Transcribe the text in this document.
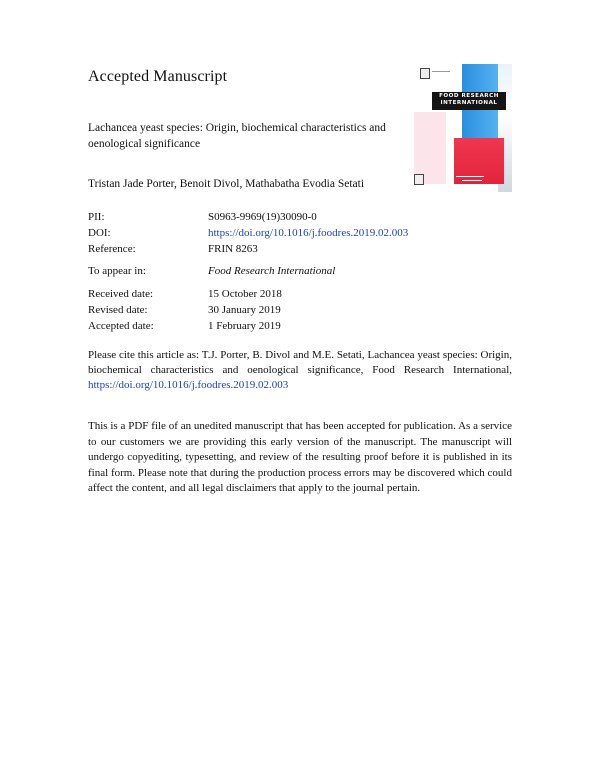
Accepted Manuscript
Lachancea yeast species: Origin, biochemical characteristics and oenological significance
Tristan Jade Porter, Benoit Divol, Mathabatha Evodia Setati
FOOD RESEARCH
INTERNATIONAL
PII:	S0963-9969(19)30090-0
DOI:	https://doi.org/10.1016/j.foodres.2019.02.003
Reference:	FRIN 8263
To appear in:	Food Research International
Received date:	15 October 2018
Revised date:	30 January 2019
Accepted date:	1 February 2019
Please cite this article as: T.J. Porter, B. Divol and M.E. Setati, Lachancea yeast species: Origin, biochemical characteristics and oenological significance, Food Research International, https://doi.org/10.1016/j.foodres.2019.02.003
This is a PDF file of an unedited manuscript that has been accepted for publication. As a service to our customers we are providing this early version of the manuscript. The manuscript will undergo copyediting, typesetting, and review of the resulting proof before it is published in its final form. Please note that during the production process errors may be discovered which could affect the content, and all legal disclaimers that apply to the journal pertain.
